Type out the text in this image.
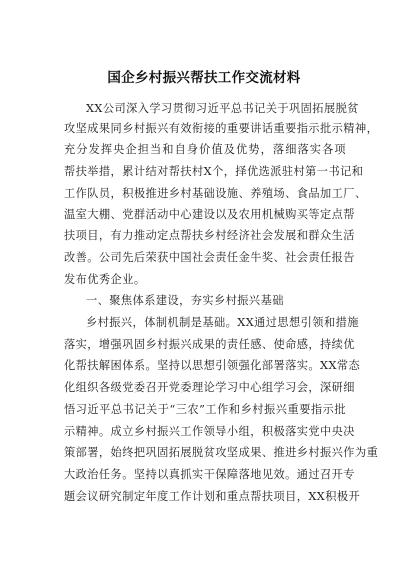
国企乡村振兴帮扶工作交流材料
XX公司深入学习贯彻习近平总书记关于巩固拓展脱贫
攻坚成果同乡村振兴有效衔接的重要讲话重要指示批示精神，
充分发挥央企担当和自身价值及优势，落细落实各项
帮扶举措，累计结对帮扶村X个，择优选派驻村第一书记和
工作队员，积极推进乡村基础设施、养殖场、食品加工厂、
温室大棚、党群活动中心建设以及农用机械购买等定点帮
扶项目，有力推动定点帮扶乡村经济社会发展和群众生活
改善。公司先后荣获中国社会责任金牛奖、社会责任报告
发布优秀企业。
一、聚焦体系建设，夯实乡村振兴基础
乡村振兴，体制机制是基础。XX通过思想引领和措施
落实，增强巩固乡村振兴成果的责任感、使命感，持续优
化帮扶解困体系。坚持以思想引领强化部署落实。XX常态
化组织各级党委召开党委理论学习中心组学习会，深研细
悟习近平总书记关于“三农”工作和乡村振兴重要指示批
示精神。成立乡村振兴工作领导小组，积极落实党中央决
策部署，始终把巩固拓展脱贫攻坚成果、推进乡村振兴作为重
大政治任务。坚持以真抓实干保障落地见效。通过召开专
题会议研究制定年度工作计划和重点帮扶项目，XX积极开
